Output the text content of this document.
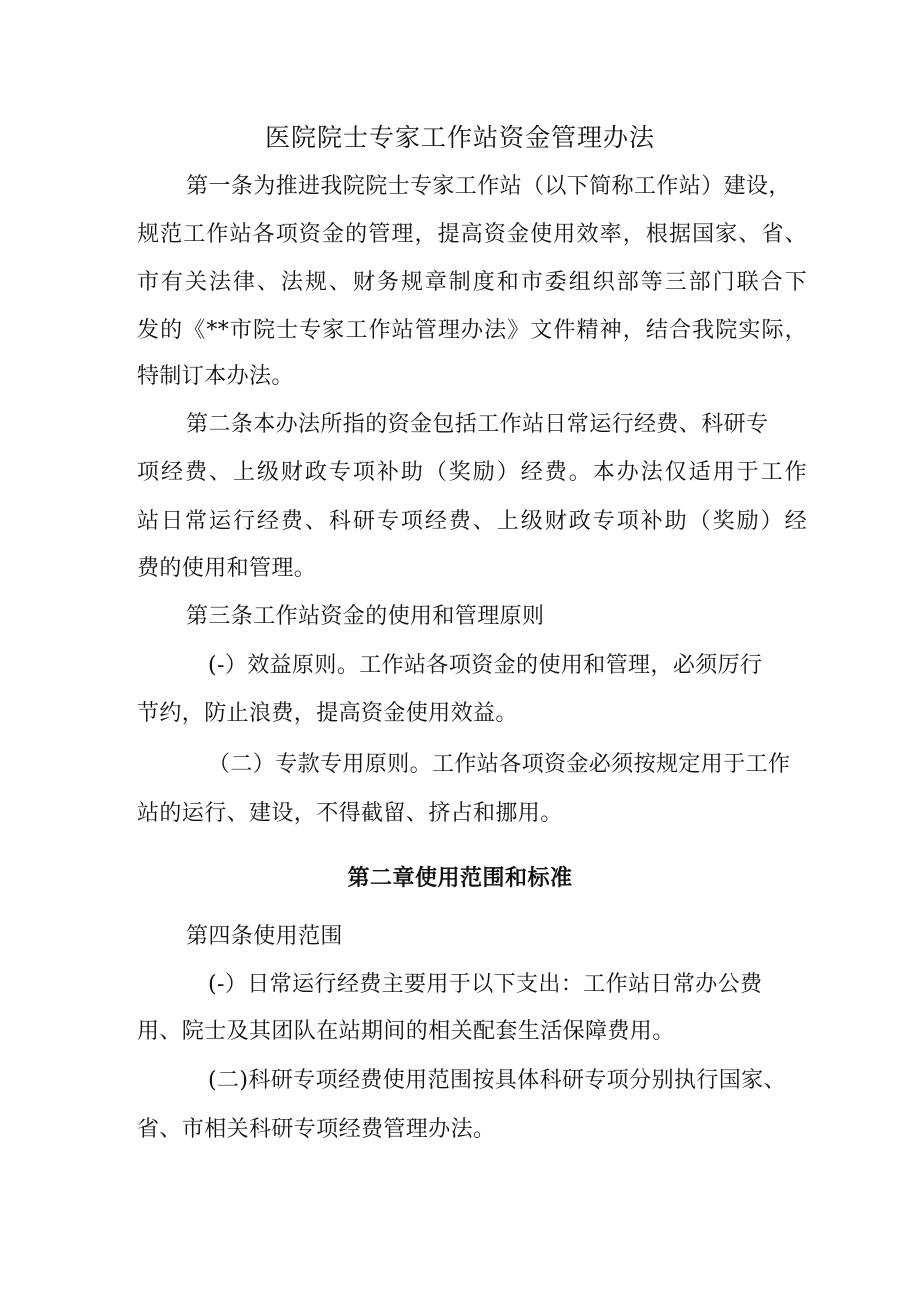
医院院士专家工作站资金管理办法
第一条为推进我院院士专家工作站（以下简称工作站）建设，
规范工作站各项资金的管理，提高资金使用效率，根据国家、省、
市有关法律、法规、财务规章制度和市委组织部等三部门联合下
发的《**市院士专家工作站管理办法》文件精神，结合我院实际，
特制订本办法。
第二条本办法所指的资金包括工作站日常运行经费、科研专
项经费、上级财政专项补助（奖励）经费。本办法仅适用于工作
站日常运行经费、科研专项经费、上级财政专项补助（奖励）经
费的使用和管理。
第三条工作站资金的使用和管理原则
(-）效益原则。工作站各项资金的使用和管理，必须厉行
节约，防止浪费，提高资金使用效益。
（二）专款专用原则。工作站各项资金必须按规定用于工作
站的运行、建设，不得截留、挤占和挪用。
第二章使用范围和标准
第四条使用范围
(-）日常运行经费主要用于以下支出：工作站日常办公费
用、院士及其团队在站期间的相关配套生活保障费用。
(二)科研专项经费使用范围按具体科研专项分别执行国家、
省、市相关科研专项经费管理办法。
